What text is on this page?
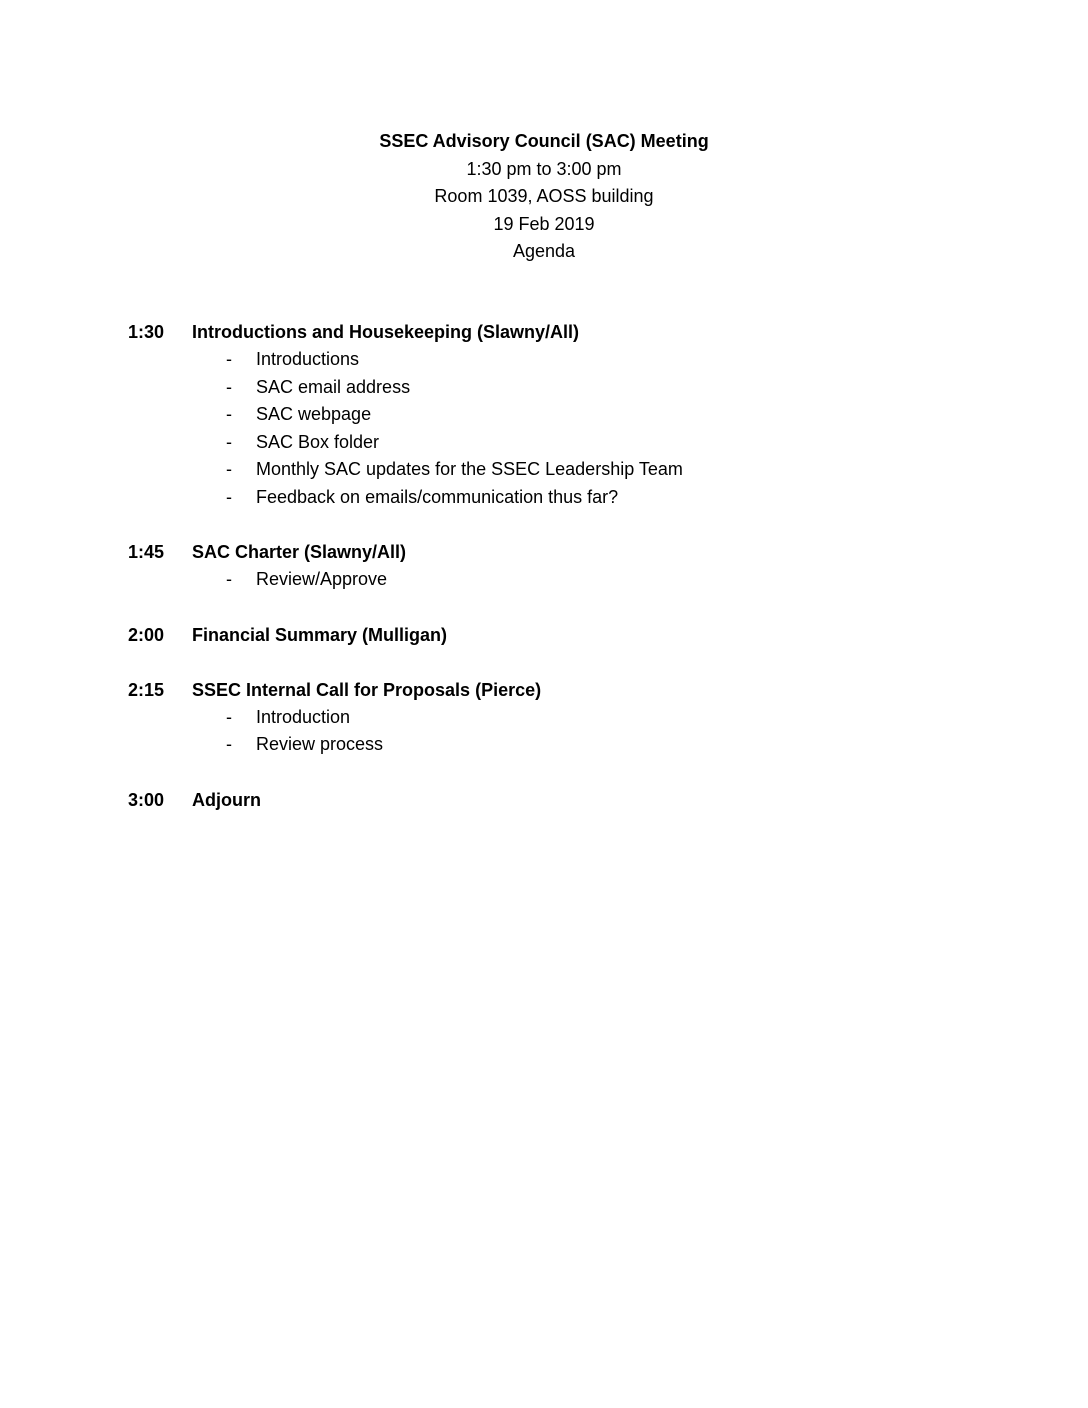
SSEC Advisory Council (SAC) Meeting
1:30 pm to 3:00 pm
Room 1039, AOSS building
19 Feb 2019
Agenda
1:30 Introductions and Housekeeping (Slawny/All)
- Introductions
- SAC email address
- SAC webpage
- SAC Box folder
- Monthly SAC updates for the SSEC Leadership Team
- Feedback on emails/communication thus far?
1:45 SAC Charter (Slawny/All)
- Review/Approve
2:00 Financial Summary (Mulligan)
2:15 SSEC Internal Call for Proposals (Pierce)
- Introduction
- Review process
3:00 Adjourn
